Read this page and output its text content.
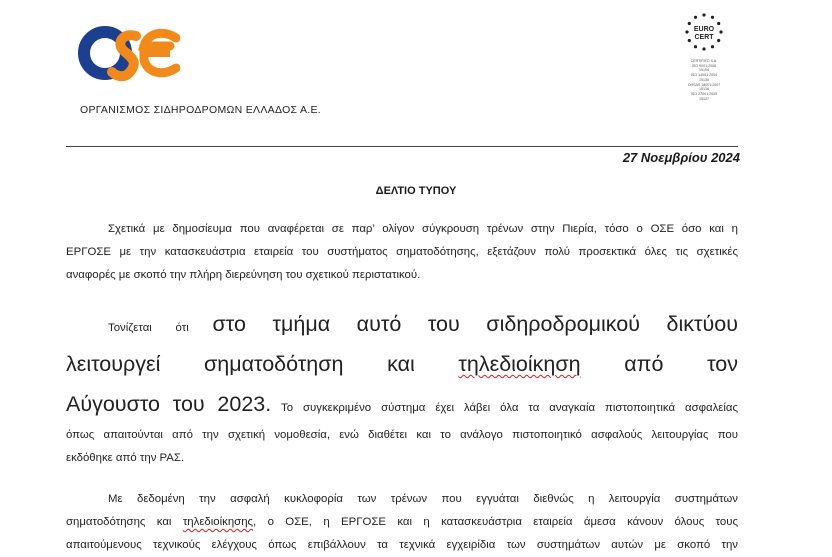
ΟΡΓΑΝΙΣΜΟΣ ΣΙΔΗΡΟΔΡΟΜΩΝ ΕΛΛΑΔΟΣ Α.Ε.
EURO
CERT
CERTIFIED S.A.
ISO 9001:2008
15104
ISO 14001:2004
15135
OHSAS 18001:2007
15136
ISO 27001:2005
15137
27 Νοεμβρίου 2024
ΔΕΛΤΙΟ ΤΥΠΟΥ
Σχετικά με δημοσίευμα που αναφέρεται σε παρ’ ολίγον σύγκρουση τρένων στην Πιερία, τόσο ο ΟΣΕ όσο και η
ΕΡΓΟΣΕ με την κατασκευάστρια εταιρεία του συστήματος σηματοδότησης, εξετάζουν πολύ προσεκτικά όλες τις σχετικές
αναφορές με σκοπό την πλήρη διερεύνηση του σχετικού περιστατικού.
Τονίζεται ότι στο τμήμα αυτό του σιδηροδρομικού δικτύου
λειτουργεί σηματοδότηση και τηλεδιοίκηση από τον
Αύγουστο του 2023. Το συγκεκριμένο σύστημα έχει λάβει όλα τα αναγκαία πιστοποιητικά ασφαλείας
όπως απαιτούνται από την σχετική νομοθεσία, ενώ διαθέτει και το ανάλογο πιστοποιητικό ασφαλούς λειτουργίας που
εκδόθηκε από την ΡΑΣ.
Με δεδομένη την ασφαλή κυκλοφορία των τρένων που εγγυάται διεθνώς η λειτουργία συστημάτων
σηματοδότησης και τηλεδιοίκησης, ο ΟΣΕ, η ΕΡΓΟΣΕ και η κατασκευάστρια εταιρεία άμεσα κάνουν όλους τους
απαιτούμενους τεχνικούς ελέγχους όπως επιβάλλουν τα τεχνικά εγχειρίδια των συστημάτων αυτών με σκοπό την
